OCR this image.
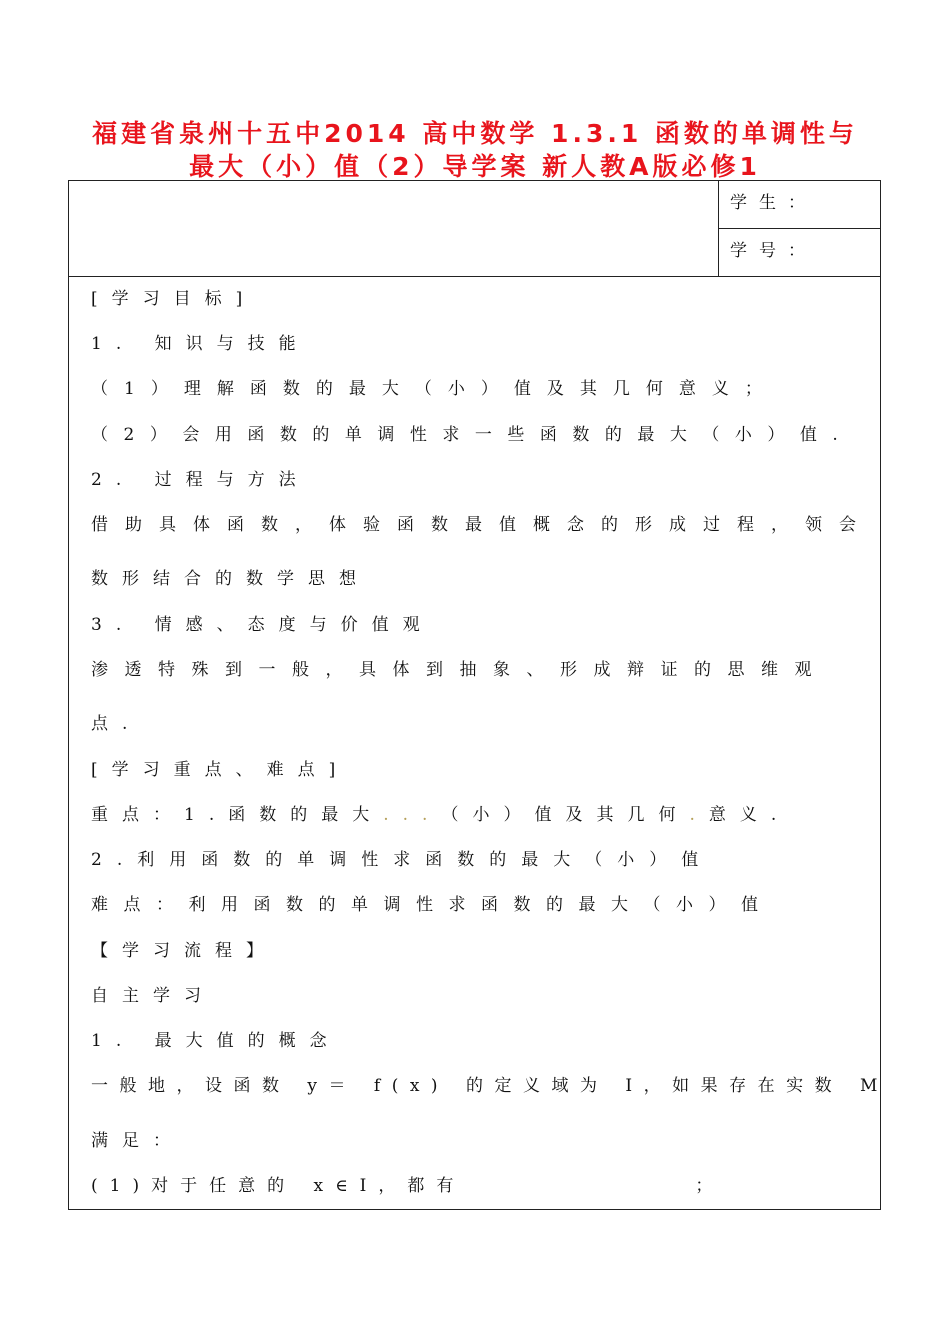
福建省泉州十五中2014 高中数学 1.3.1 函数的单调性与
最大（小）值（2）导学案 新人教A版必修1
学生：
学号：
[学习目标]
1. 知识与技能
（1）理解函数的最大（小）值及其几何意义；
（2）会用函数的单调性求一些函数的最大（小）值.
2. 过程与方法
借助具体函数，体验函数最值概念的形成过程，领会
数形结合的数学思想
3. 情感、态度与价值观
渗透特殊到一般，具体到抽象、形成辩证的思维观
点.
[学习重点、难点]
重点：1.函数的最大...（小）值及其几何.意义.
2.利用函数的单调性求函数的最大（小）值
难点：利用函数的单调性求函数的最大（小）值
【学习流程】
自主学习
1. 最大值的概念
一般地，设函数 y＝ f(x) 的定义域为 I，如果存在实数 M
满足：
(1)对于任意的 x∈I，都有	；
